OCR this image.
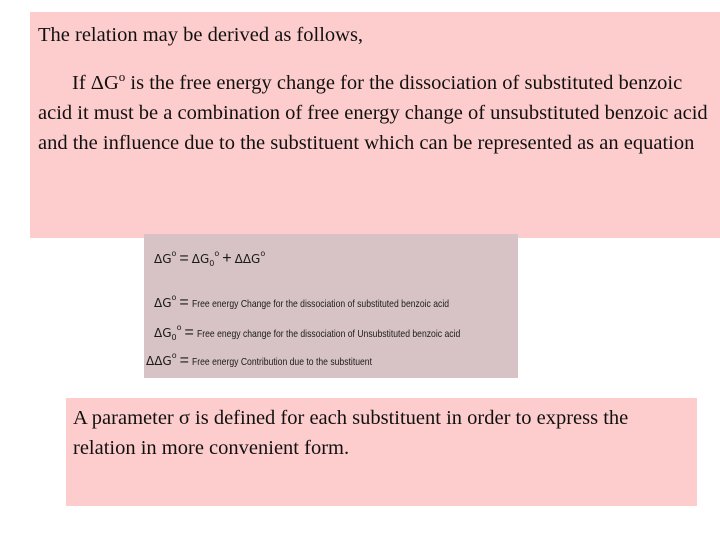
The relation may be derived as follows,

If $\Delta G^o$ is the free energy change for the dissociation of substituted benzoic acid it must be a combination of free energy change of unsubstituted benzoic acid and the influence due to the substituent which can be represented as an equation

$\Delta G^o = \Delta G_0^o + \Delta\Delta G^o$
$\Delta G^o$ = Free energy Change for the dissociation of substituted benzoic acid
$\Delta G_0^o$ = Free enegy change for the dissociation of Unsubstituted benzoic acid
$\Delta\Delta G^o$ = Free energy Contribution due to the substituent

A parameter σ is defined for each substituent in order to express the relation in more convenient form.
